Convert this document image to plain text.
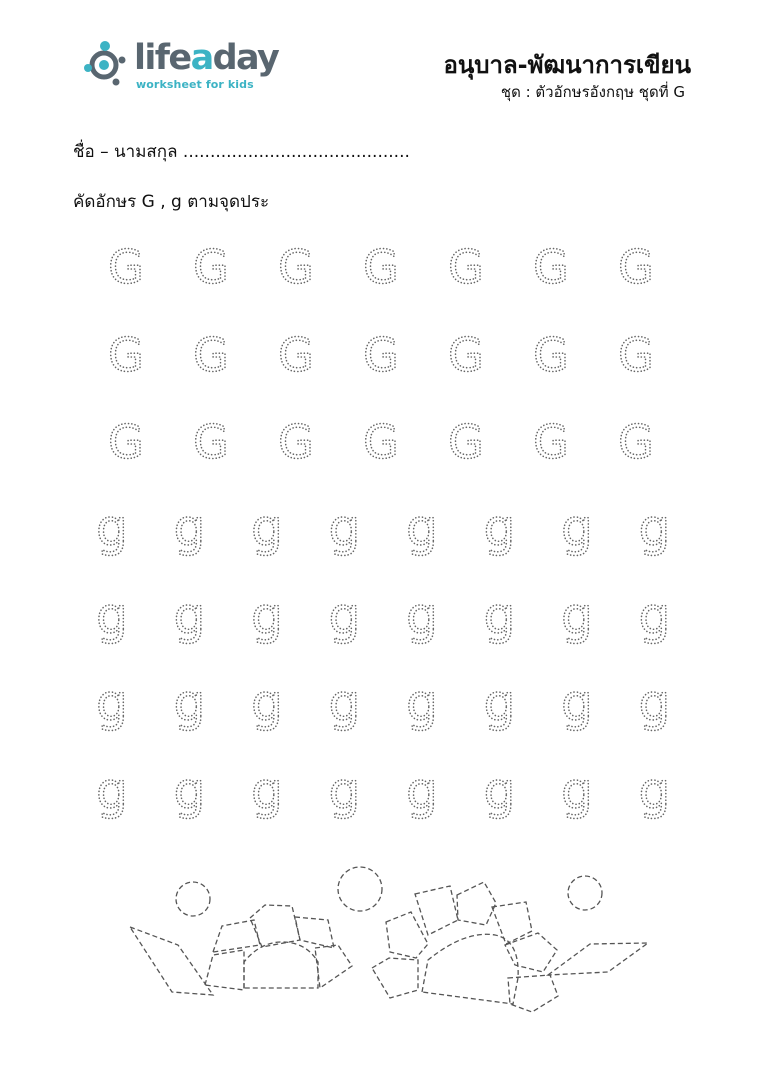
lifeaday
worksheet for kids
อนุบาล-พัฒนาการเขียน
ชุด : ตัวอักษรอังกฤษ ชุดที่ G
ชื่อ – นามสกุล ..........................................
คัดอักษร G , g ตามจุดประ
G G G G G G G
G G G G G G G
G G G G G G G
g g g g g g g g
g g g g g g g g
g g g g g g g g
g g g g g g g g
